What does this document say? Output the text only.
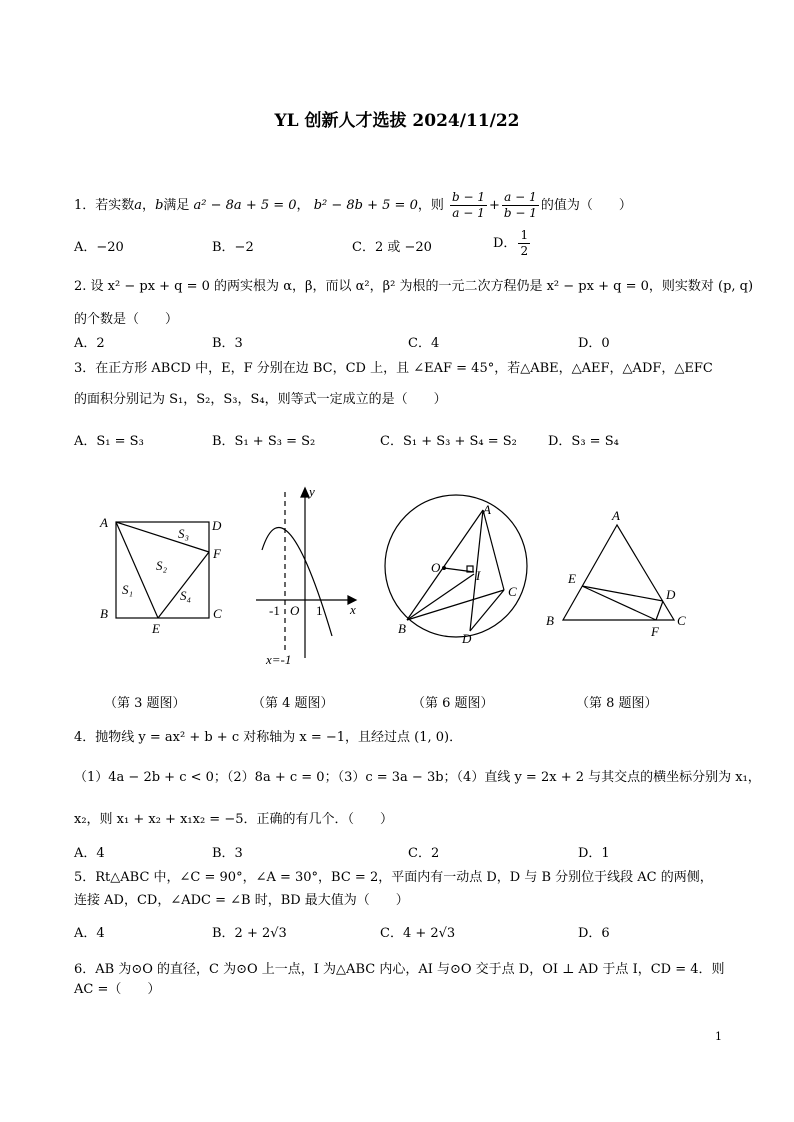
YL 创新人才选拔 2024/11/22
1．若实数a，b满足 a² − 8a + 5 = 0， b² − 8b + 5 = 0，则 $\frac{b - 1}{a - 1} + \frac{a - 1}{b - 1}$ 的值为（　　）
A．−20	B．−2	C．2 或 −20	D． $\frac{1}{2}$
2. 设 x² − px + q = 0 的两实根为 α，β，而以 α²，β² 为根的一元二次方程仍是 x² − px + q = 0，则实数对 (p, q)
的个数是（　　）
A．2	B．3	C．4	D．0
3．在正方形 ABCD 中，E，F 分别在边 BC，CD 上，且 ∠EAF = 45°，若△ABE，△AEF，△ADF，△EFC
的面积分别记为 S₁，S₂，S₃，S₄，则等式一定成立的是（　　）
A．S₁ = S₃	B．S₁ + S₃ = S₂	C．S₁ + S₃ + S₄ = S₂ D．S₃ = S₄
A	D
F
B	C
E
S₃
S₂
S₁	S₄
y
x
-1 O 1
x=-1
A
O
I
C
B
D
A
E
D
B
F
C
（第 3 题图）	（第 4 题图）	（第 6 题图）	（第 8 题图）
4．抛物线 y = ax² + b + c 对称轴为 x = −1，且经过点 (1, 0)．
（1）4a − 2b + c < 0；（2）8a + c = 0；（3）c = 3a − 3b；（4）直线 y = 2x + 2 与其交点的横坐标分别为 x₁，
x₂，则 x₁ + x₂ + x₁x₂ = −5．正确的有几个．（　　）
A．4	B．3	C．2	D．1
5．Rt△ABC 中，∠C = 90°，∠A = 30°，BC = 2，平面内有一动点 D，D 与 B 分别位于线段 AC 的两侧，
连接 AD，CD，∠ADC = ∠B 时，BD 最大值为（　　）
A．4	B．2 + 2√3	C．4 + 2√3	D．6
6．AB 为⊙O 的直径，C 为⊙O 上一点，I 为△ABC 内心，AI 与⊙O 交于点 D，OI ⊥ AD 于点 I，CD = 4．则
AC =（　　）
1
